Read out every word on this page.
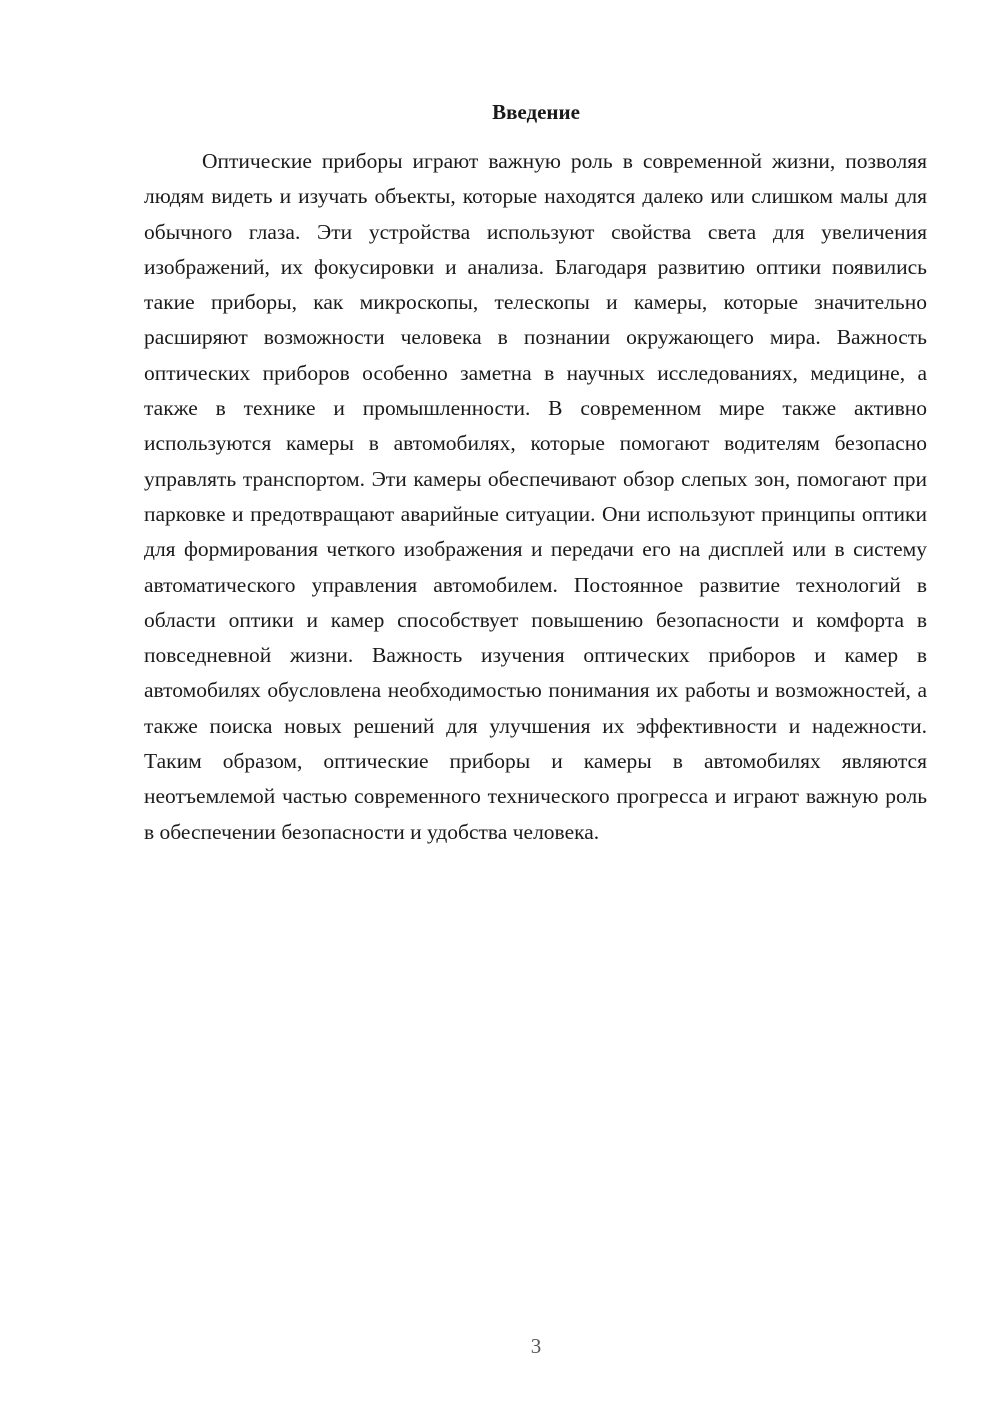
Введение

Оптические приборы играют важную роль в современной жизни, позволяя людям видеть и изучать объекты, которые находятся далеко или слишком малы для обычного глаза. Эти устройства используют свойства света для увеличения изображений, их фокусировки и анализа. Благодаря развитию оптики появились такие приборы, как микроскопы, телескопы и камеры, которые значительно расширяют возможности человека в познании окружающего мира. Важность оптических приборов особенно заметна в научных исследованиях, медицине, а также в технике и промышленности. В современном мире также активно используются камеры в автомобилях, которые помогают водителям безопасно управлять транспортом. Эти камеры обеспечивают обзор слепых зон, помогают при парковке и предотвращают аварийные ситуации. Они используют принципы оптики для формирования четкого изображения и передачи его на дисплей или в систему автоматического управления автомобилем. Постоянное развитие технологий в области оптики и камер способствует повышению безопасности и комфорта в повседневной жизни. Важность изучения оптических приборов и камер в автомобилях обусловлена необходимостью понимания их работы и возможностей, а также поиска новых решений для улучшения их эффективности и надежности. Таким образом, оптические приборы и камеры в автомобилях являются неотъемлемой частью современного технического прогресса и играют важную роль в обеспечении безопасности и удобства человека.

3
